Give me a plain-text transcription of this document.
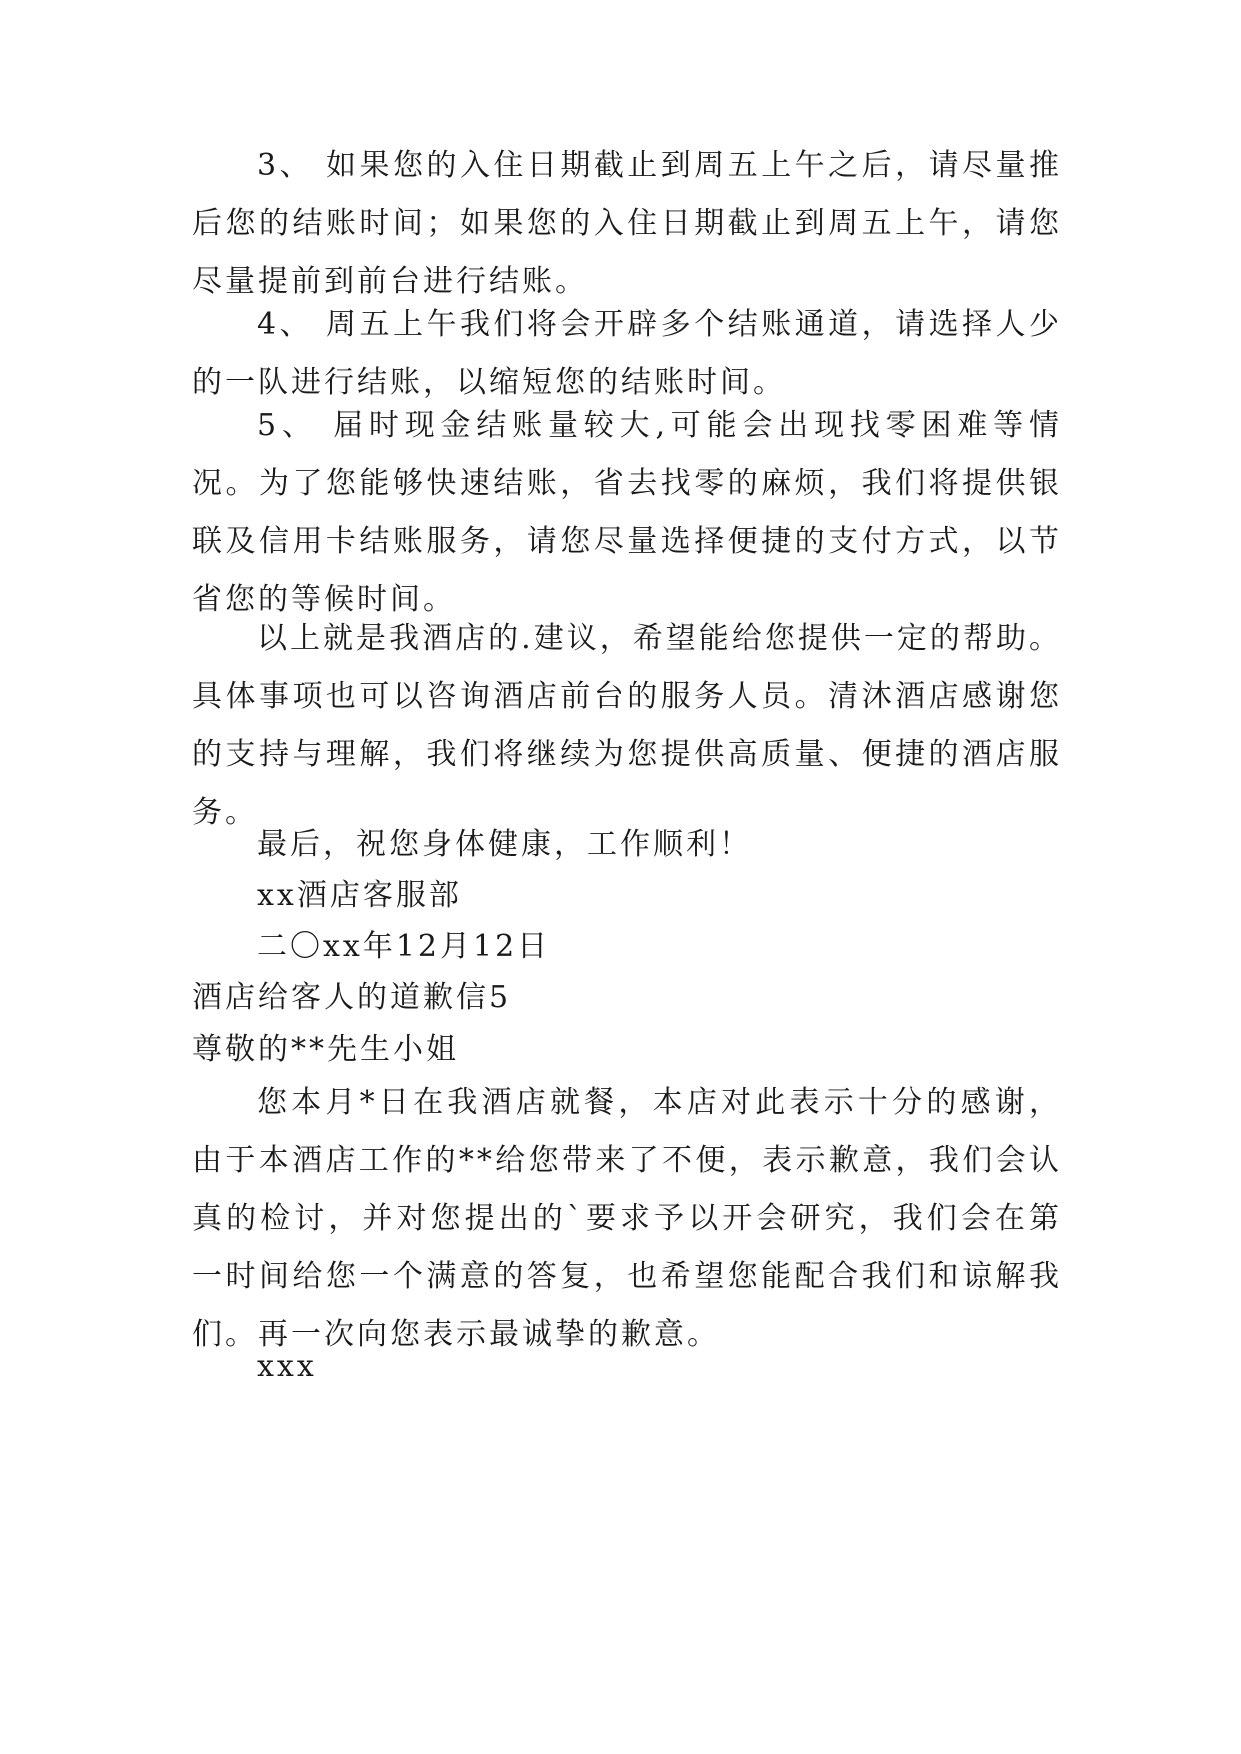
3、 如果您的入住日期截止到周五上午之后，请尽量推后您的结账时间；如果您的入住日期截止到周五上午，请您尽量提前到前台进行结账。

4、 周五上午我们将会开辟多个结账通道，请选择人少的一队进行结账，以缩短您的结账时间。

5、 届时现金结账量较大,可能会出现找零困难等情况。为了您能够快速结账，省去找零的麻烦，我们将提供银联及信用卡结账服务，请您尽量选择便捷的支付方式，以节省您的等候时间。

以上就是我酒店的.建议，希望能给您提供一定的帮助。具体事项也可以咨询酒店前台的服务人员。清沐酒店感谢您的支持与理解，我们将继续为您提供高质量、便捷的酒店服务。

最后，祝您身体健康，工作顺利！
xx酒店客服部
二〇xx年12月12日
酒店给客人的道歉信5
尊敬的**先生小姐

您本月*日在我酒店就餐，本店对此表示十分的感谢，由于本酒店工作的**给您带来了不便，表示歉意，我们会认真的检讨，并对您提出的`要求予以开会研究，我们会在第一时间给您一个满意的答复，也希望您能配合我们和谅解我们。再一次向您表示最诚挚的歉意。

xxx
